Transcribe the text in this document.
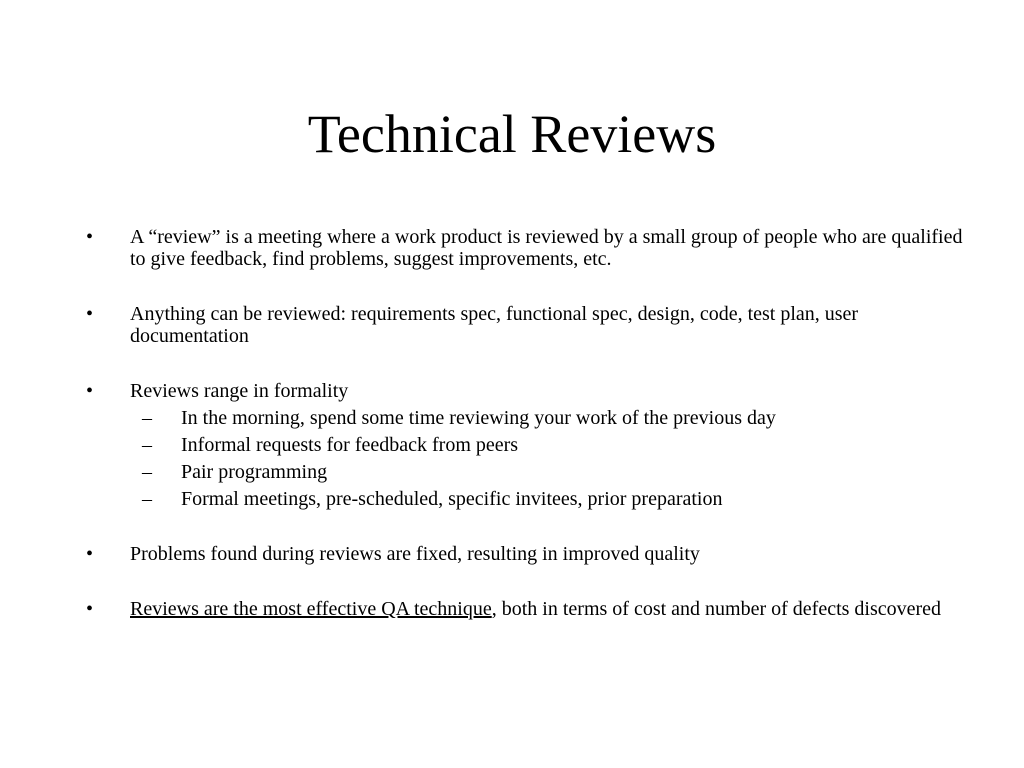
Technical Reviews
•	A “review” is a meeting where a work product is reviewed by a small group of people who are qualified to give feedback, find problems, suggest improvements, etc.
•	Anything can be reviewed: requirements spec, functional spec, design, code, test plan, user documentation
•	Reviews range in formality
– In the morning, spend some time reviewing your work of the previous day
– Informal requests for feedback from peers
– Pair programming
– Formal meetings, pre-scheduled, specific invitees, prior preparation
•	Problems found during reviews are fixed, resulting in improved quality
•	Reviews are the most effective QA technique, both in terms of cost and number of defects discovered
